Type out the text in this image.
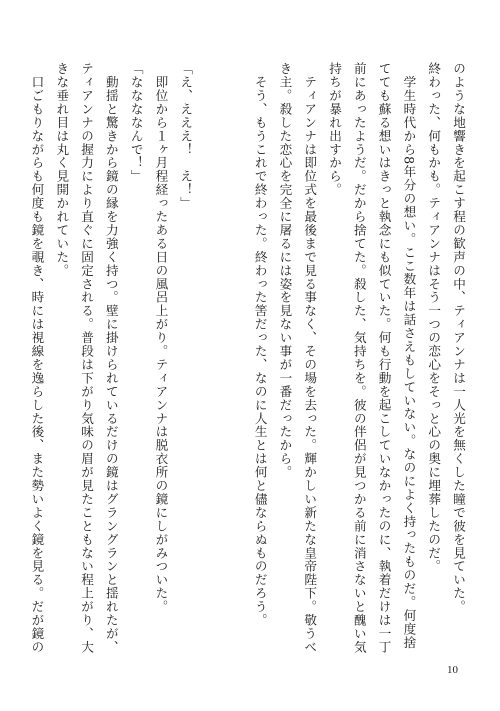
のような地響きを起こす程の歓声の中、ティアンナは一人光を無くした瞳で彼を見ていた。
終わった、何もかも。ティアンナはそう一つの恋心をそっと心の奥に埋葬したのだ。
　学生時代から8年分の想い。ここ数年は話さえもしていない。なのによく持ったものだ。何度捨
てても蘇る想いはきっと執念にも似ていた。何も行動を起こしていなかったのに、執着だけは一丁
前にあったようだ。だから捨てた。殺した、気持ちを。彼の伴侶が見つかる前に消さないと醜い気
持ちが暴れ出すから。
　ティアンナは即位式を最後まで見る事なく、その場を去った。輝かしい新たな皇帝陛下。敬うべ
き主。殺した恋心を完全に屠るには姿を見ない事が一番だったから。
　そう、もうこれで終わった。終わった筈だった、なのに人生とは何と儘ならぬものだろう。
「え、えええ！　え！」
　即位から１ヶ月程経ったある日の風呂上がり。ティアンナは脱衣所の鏡にしがみついた。
「ななななんで！」
　動揺と驚きから鏡の縁を力強く持つ。壁に掛けられているだけの鏡はグラングランと揺れたが、
ティアンナの握力により直ぐに固定される。普段は下がり気味の眉が見たこともない程上がり、大
きな垂れ目は丸く見開かれていた。
　口ごもりながらも何度も鏡を覗き、時には視線を逸らした後、また勢いよく鏡を見る。だが鏡の
10
